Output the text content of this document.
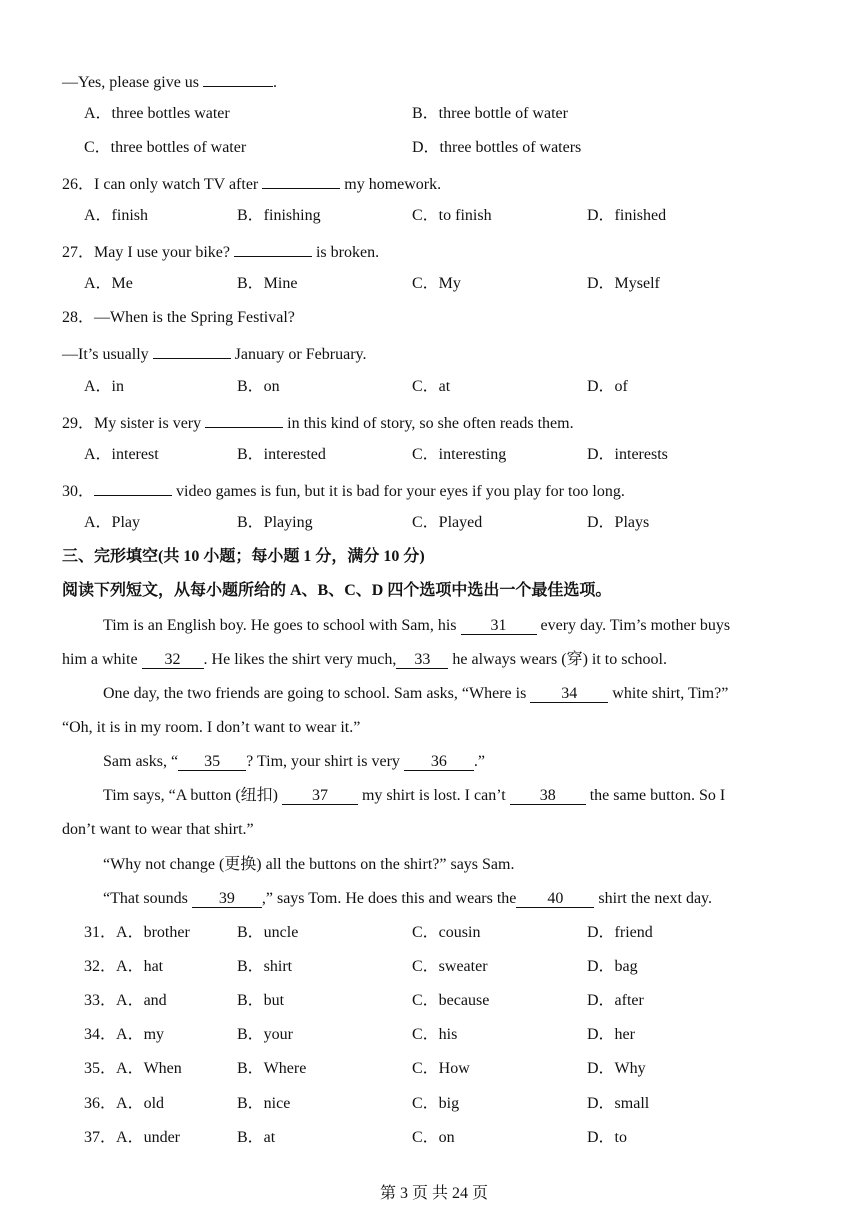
—Yes, please give us	.
A．three bottles water	B．three bottle of water
C．three bottles of water	D．three bottles of waters
26．I can only watch TV after	my homework.
A．finish	B．finishing	C．to finish	D．finished
27．May I use your bike?	is broken.
A．Me	B．Mine	C．My	D．Myself
28．—When is the Spring Festival?
—It’s usually	January or February.
A．in	B．on	C．at	D．of
29．My sister is very	in this kind of story, so she often reads them.
A．interest	B．interested	C．interesting	D．interests
30．	video games is fun, but it is bad for your eyes if you play for too long.
A．Play	B．Playing	C．Played	D．Plays
三、完形填空(共 10 小题；每小题 1 分，满分 10 分)
阅读下列短文，从每小题所给的 A、B、C、D 四个选项中选出一个最佳选项。
Tim is an English boy. He goes to school with Sam, his 31 every day. Tim’s mother buys
him a white 32 . He likes the shirt very much, 33 he always wears (穿) it to school.
One day, the two friends are going to school. Sam asks, “Where is 34 white shirt, Tim?”
“Oh, it is in my room. I don’t want to wear it.”
Sam asks, “ 35 ? Tim, your shirt is very 36 .”
Tim says, “A button (纽扣) 37 my shirt is lost. I can’t 38 the same button. So I
don’t want to wear that shirt.”
“Why not change (更换) all the buttons on the shirt?” says Sam.
“That sounds 39 ,” says Tom. He does this and wears the 40 shirt the next day.
31．A．brother	B．uncle	C．cousin	D．friend
32．A．hat	B．shirt	C．sweater	D．bag
33．A．and	B．but	C．because	D．after
34．A．my	B．your	C．his	D．her
35．A．When	B．Where	C．How	D．Why
36．A．old	B．nice	C．big	D．small
37．A．under	B．at	C．on	D．to
第 3 页 共 24 页
